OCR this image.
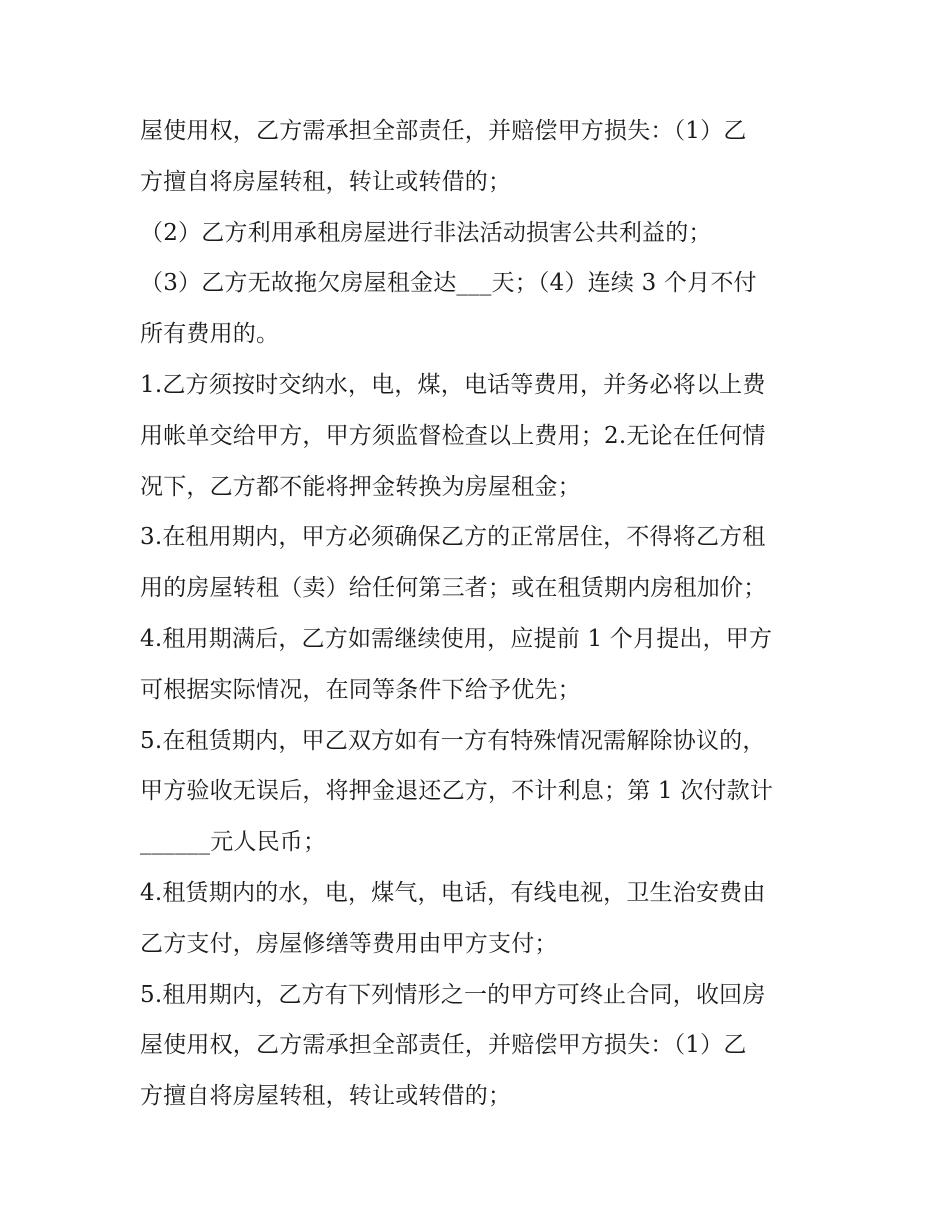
屋使用权，乙方需承担全部责任，并赔偿甲方损失：（1）乙
方擅自将房屋转租，转让或转借的；
（2）乙方利用承租房屋进行非法活动损害公共利益的；
（3）乙方无故拖欠房屋租金达___天；（4）连续 3 个月不付
所有费用的。
1.乙方须按时交纳水，电，煤，电话等费用，并务必将以上费
用帐单交给甲方，甲方须监督检查以上费用；2.无论在任何情
况下，乙方都不能将押金转换为房屋租金；
3.在租用期内，甲方必须确保乙方的正常居住，不得将乙方租
用的房屋转租（卖）给任何第三者；或在租赁期内房租加价；
4.租用期满后，乙方如需继续使用，应提前 1 个月提出，甲方
可根据实际情况，在同等条件下给予优先；
5.在租赁期内，甲乙双方如有一方有特殊情况需解除协议的，
甲方验收无误后，将押金退还乙方，不计利息；第 1 次付款计
______元人民币；
4.租赁期内的水，电，煤气，电话，有线电视，卫生治安费由
乙方支付，房屋修缮等费用由甲方支付；
5.租用期内，乙方有下列情形之一的甲方可终止合同，收回房
屋使用权，乙方需承担全部责任，并赔偿甲方损失：（1）乙
方擅自将房屋转租，转让或转借的；
